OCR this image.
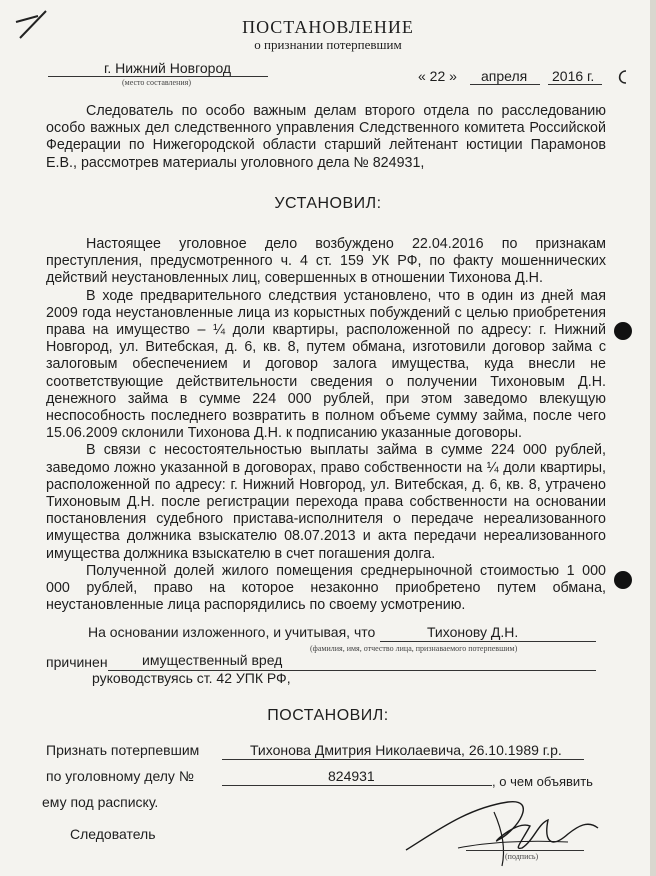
ПОСТАНОВЛЕНИЕ
о признании потерпевшим
г. Нижний Новгород
(место составления)	« 22 » апреля 2016 г.

Следователь по особо важным делам второго отдела по расследованию особо важных дел следственного управления Следственного комитета Российской Федерации по Нижегородской области старший лейтенант юстиции Парамонов Е.В., рассмотрев материалы уголовного дела № 824931,

УСТАНОВИЛ:

Настоящее уголовное дело возбуждено 22.04.2016 по признакам преступления, предусмотренного ч. 4 ст. 159 УК РФ, по факту мошеннических действий неустановленных лиц, совершенных в отношении Тихонова Д.Н.

В ходе предварительного следствия установлено, что в один из дней мая 2009 года неустановленные лица из корыстных побуждений с целью приобретения права на имущество – ¼ доли квартиры, расположенной по адресу: г. Нижний Новгород, ул. Витебская, д. 6, кв. 8, путем обмана, изготовили договор займа с залоговым обеспечением и договор залога имущества, куда внесли не соответствующие действительности сведения о получении Тихоновым Д.Н. денежного займа в сумме 224 000 рублей, при этом заведомо влекущую неспособность последнего возвратить в полном объеме сумму займа, после чего 15.06.2009 склонили Тихонова Д.Н. к подписанию указанные договоры.

В связи с несостоятельностью выплаты займа в сумме 224 000 рублей, заведомо ложно указанной в договорах, право собственности на ¼ доли квартиры, расположенной по адресу: г. Нижний Новгород, ул. Витебская, д. 6, кв. 8, утрачено Тихоновым Д.Н. после регистрации перехода права собственности на основании постановления судебного пристава-исполнителя о передаче нереализованного имущества должника взыскателю 08.07.2013 и акта передачи нереализованного имущества должника взыскателю в счет погашения долга.

Полученной долей жилого помещения среднерыночной стоимостью 1 000 000 рублей, право на которое незаконно приобретено путем обмана, неустановленные лица распорядились по своему усмотрению.

На основании изложенного, и учитывая, что	Тихонову Д.Н.
(фамилия, имя, отчество лица, признаваемого потерпевшим)
причинен имущественный вред
руководствуясь ст. 42 УПК РФ,
ПОСТАНОВИЛ:
Признать потерпевшим	Тихонова Дмитрия Николаевича, 26.10.1989 г.р.
по уголовному делу №	824931	, о чем объявить
ему под расписку.
Следователь
(подпись)
